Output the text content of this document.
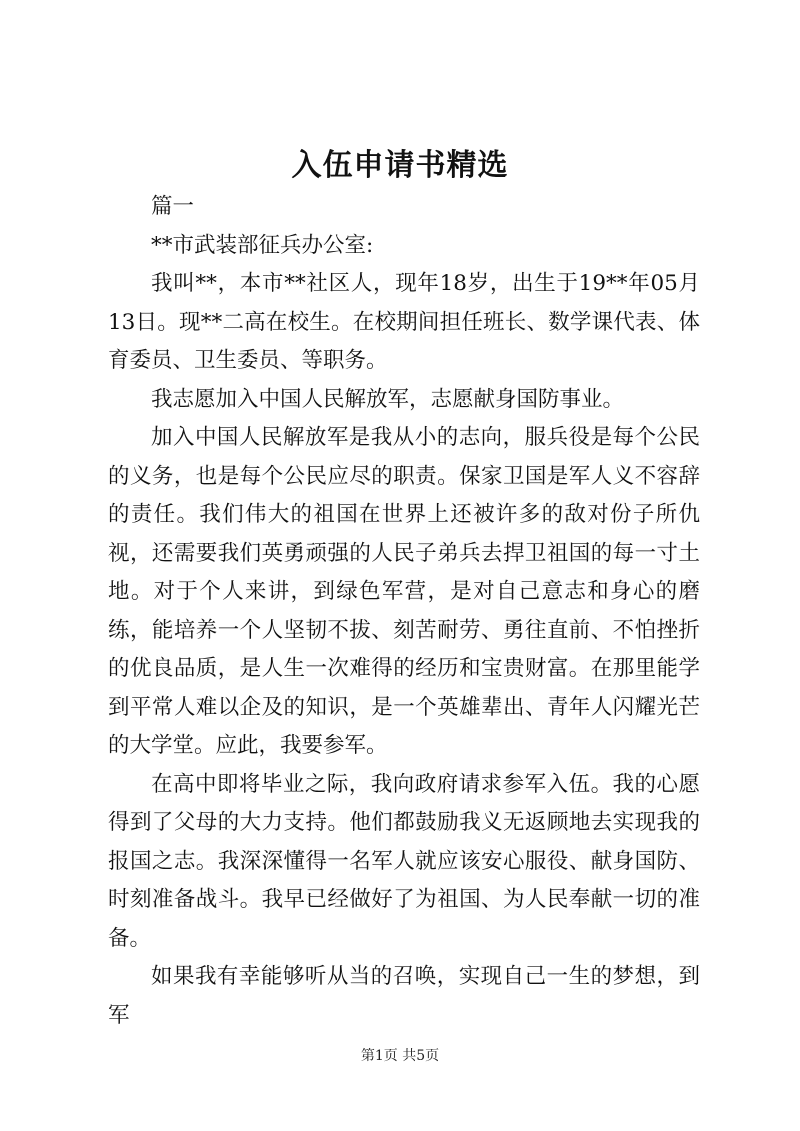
入伍申请书精选

篇一

**市武装部征兵办公室:

我叫**，本市**社区人，现年18岁，出生于19**年05月13日。现**二高在校生。在校期间担任班长、数学课代表、体育委员、卫生委员、等职务。

我志愿加入中国人民解放军，志愿献身国防事业。

加入中国人民解放军是我从小的志向，服兵役是每个公民的义务，也是每个公民应尽的职责。保家卫国是军人义不容辞的责任。我们伟大的祖国在世界上还被许多的敌对份子所仇视，还需要我们英勇顽强的人民子弟兵去捍卫祖国的每一寸土地。对于个人来讲，到绿色军营，是对自己意志和身心的磨练，能培养一个人坚韧不拔、刻苦耐劳、勇往直前、不怕挫折的优良品质，是人生一次难得的经历和宝贵财富。在那里能学到平常人难以企及的知识，是一个英雄辈出、青年人闪耀光芒的大学堂。应此，我要参军。

在高中即将毕业之际，我向政府请求参军入伍。我的心愿得到了父母的大力支持。他们都鼓励我义无返顾地去实现我的报国之志。我深深懂得一名军人就应该安心服役、献身国防、时刻准备战斗。我早已经做好了为祖国、为人民奉献一切的准备。

如果我有幸能够听从当的召唤，实现自己一生的梦想，到军

第1页 共5页
